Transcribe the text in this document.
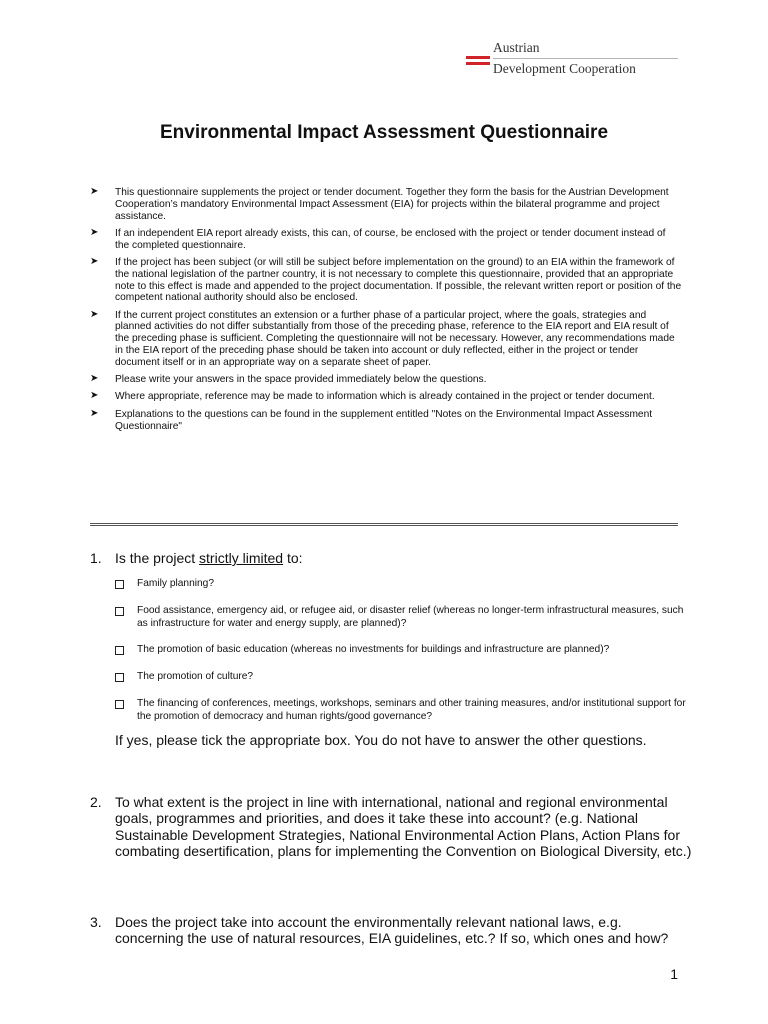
Austrian
Development Cooperation
Environmental Impact Assessment Questionnaire
➤ This questionnaire supplements the project or tender document. Together they form the basis for the Austrian Development Cooperation’s mandatory Environmental Impact Assessment (EIA) for projects within the bilateral programme and project assistance.
➤ If an independent EIA report already exists, this can, of course, be enclosed with the project or tender document instead of the completed questionnaire.
➤ If the project has been subject (or will still be subject before implementation on the ground) to an EIA within the framework of the national legislation of the partner country, it is not necessary to complete this questionnaire, provided that an appropriate note to this effect is made and appended to the project documentation. If possible, the relevant written report or position of the competent national authority should also be enclosed.
➤ If the current project constitutes an extension or a further phase of a particular project, where the goals, strategies and planned activities do not differ substantially from those of the preceding phase, reference to the EIA report and EIA result of the preceding phase is sufficient. Completing the questionnaire will not be necessary. However, any recommendations made in the EIA report of the preceding phase should be taken into account or duly reflected, either in the project or tender document itself or in an appropriate way on a separate sheet of paper.
➤ Please write your answers in the space provided immediately below the questions.
➤ Where appropriate, reference may be made to information which is already contained in the project or tender document.
➤ Explanations to the questions can be found in the supplement entitled "Notes on the Environmental Impact Assessment Questionnaire"
1. Is the project strictly limited to:
Family planning?
Food assistance, emergency aid, or refugee aid, or disaster relief (whereas no longer-term infrastructural measures, such as infrastructure for water and energy supply, are planned)?
The promotion of basic education (whereas no investments for buildings and infrastructure are planned)?
The promotion of culture?
The financing of conferences, meetings, workshops, seminars and other training measures, and/or institutional support for the promotion of democracy and human rights/good governance?
If yes, please tick the appropriate box. You do not have to answer the other questions.
2. To what extent is the project in line with international, national and regional environmental goals, programmes and priorities, and does it take these into account? (e.g. National Sustainable Development Strategies, National Environmental Action Plans, Action Plans for combating desertification, plans for implementing the Convention on Biological Diversity, etc.)
3. Does the project take into account the environmentally relevant national laws, e.g. concerning the use of natural resources, EIA guidelines, etc.? If so, which ones and how?
1
